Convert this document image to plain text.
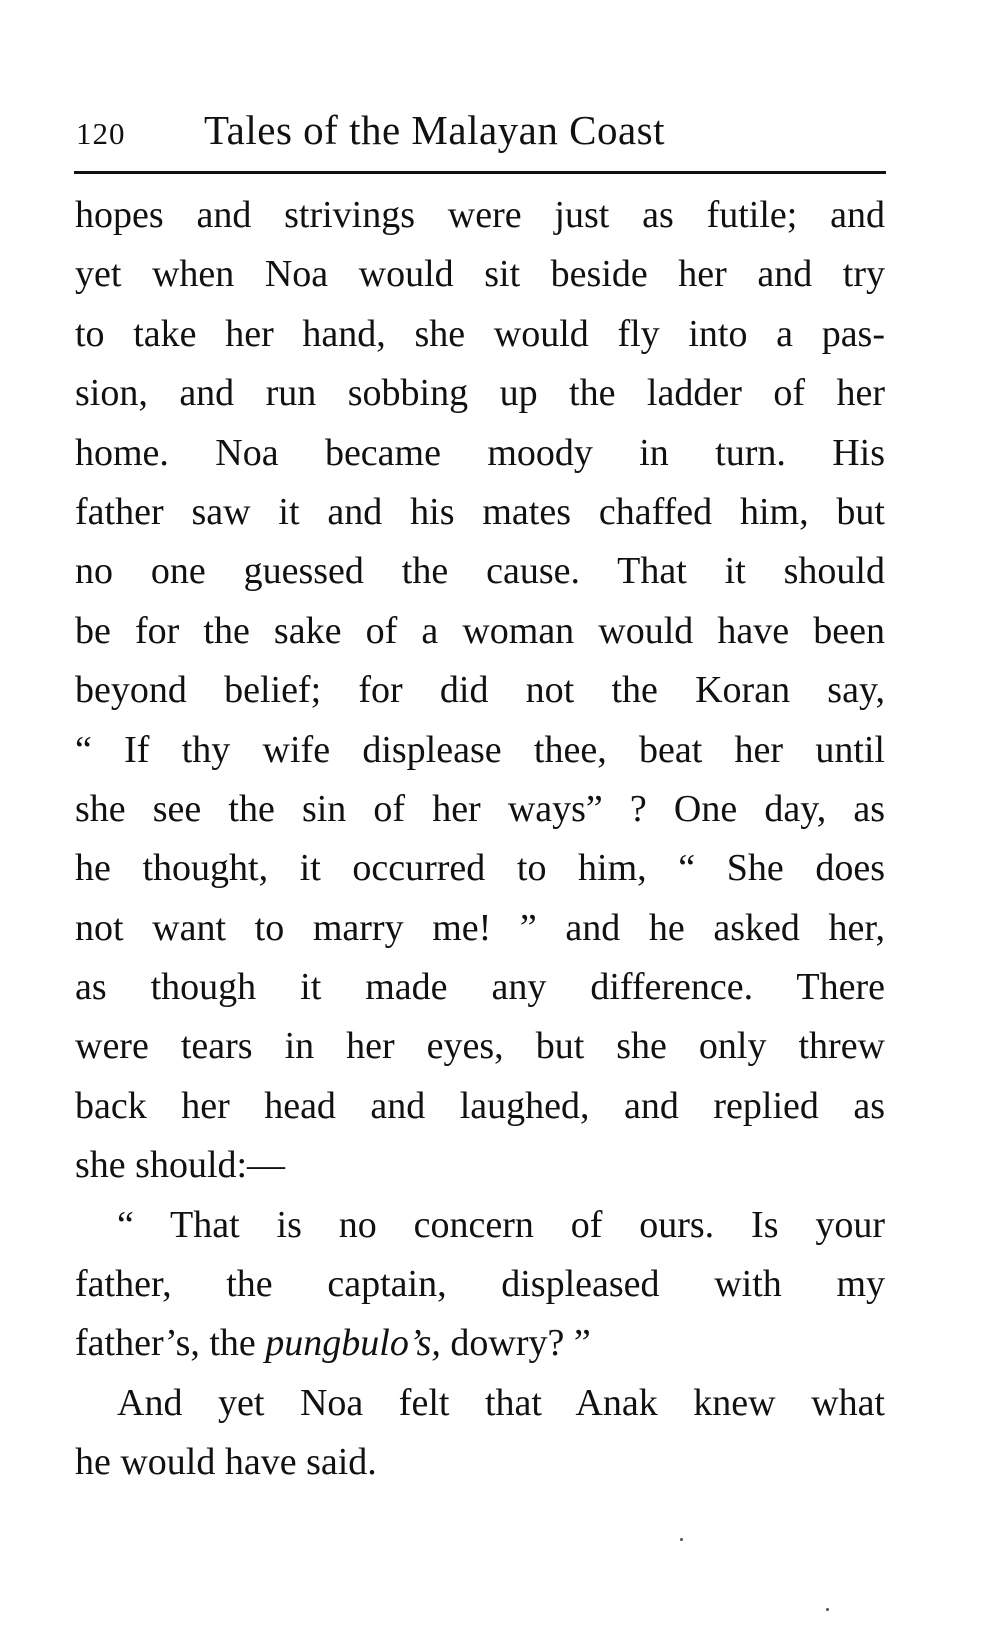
120 Tales of the Malayan Coast
hopes and strivings were just as futile; and
yet when Noa would sit beside her and try
to take her hand, she would fly into a pas-
sion, and run sobbing up the ladder of her
home. Noa became moody in turn. His
father saw it and his mates chaffed him, but
no one guessed the cause. That it should
be for the sake of a woman would have been
beyond belief; for did not the Koran say,
“ If thy wife displease thee, beat her until
she see the sin of her ways” ? One day, as
he thought, it occurred to him, “ She does
not want to marry me! ” and he asked her,
as though it made any difference. There
were tears in her eyes, but she only threw
back her head and laughed, and replied as
she should:—
“ That is no concern of ours. Is your
father, the captain, displeased with my
father’s, the pungbulo’s, dowry? ”
And yet Noa felt that Anak knew what
he would have said.
